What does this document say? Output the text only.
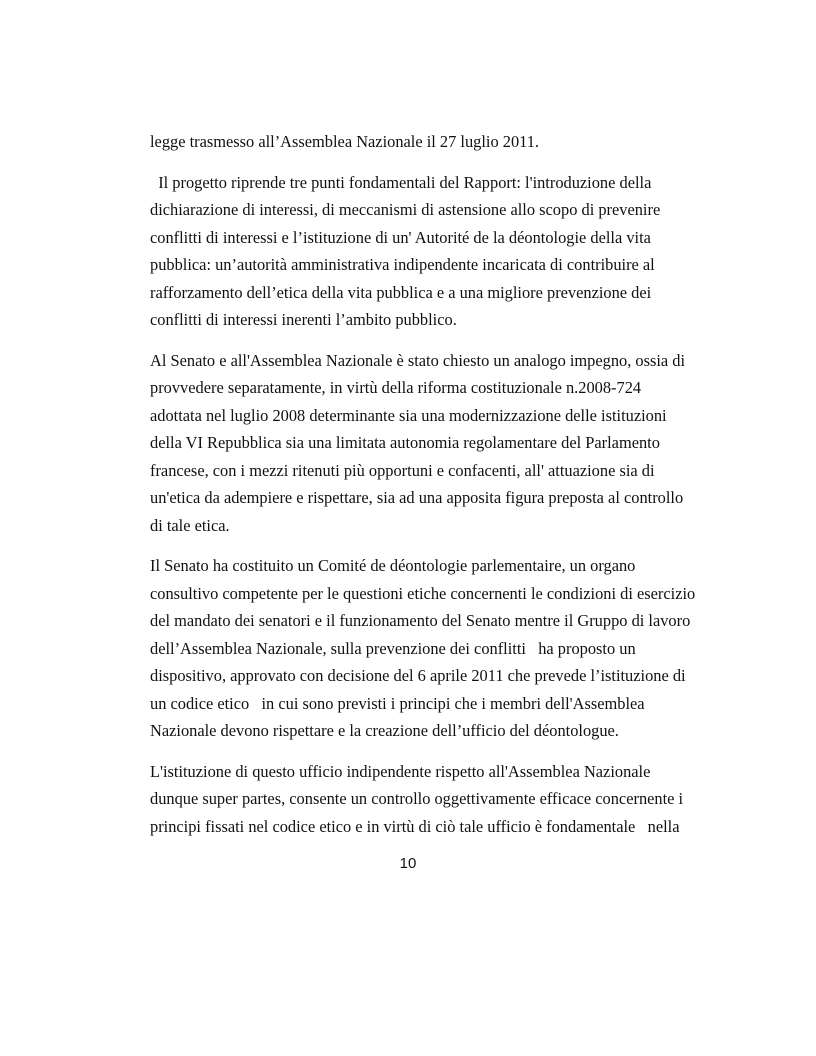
legge trasmesso all’Assemblea Nazionale il 27 luglio 2011.
Il progetto riprende tre punti fondamentali del Rapport: l'introduzione della
dichiarazione di interessi, di meccanismi di astensione allo scopo di prevenire
conflitti di interessi e l’istituzione di un' Autorité de la déontologie della vita
pubblica: un’autorità amministrativa indipendente incaricata di contribuire al
rafforzamento dell’etica della vita pubblica e a una migliore prevenzione dei
conflitti di interessi inerenti l’ambito pubblico.
Al Senato e all'Assemblea Nazionale è stato chiesto un analogo impegno, ossia di
provvedere separatamente, in virtù della riforma costituzionale n.2008-724
adottata nel luglio 2008 determinante sia una modernizzazione delle istituzioni
della VI Repubblica sia una limitata autonomia regolamentare del Parlamento
francese, con i mezzi ritenuti più opportuni e confacenti, all' attuazione sia di
un'etica da adempiere e rispettare, sia ad una apposita figura preposta al controllo
di tale etica.
Il Senato ha costituito un Comité de déontologie parlementaire, un organo
consultivo competente per le questioni etiche concernenti le condizioni di esercizio
del mandato dei senatori e il funzionamento del Senato mentre il Gruppo di lavoro
dell’Assemblea Nazionale, sulla prevenzione dei conflitti   ha proposto un
dispositivo, approvato con decisione del 6 aprile 2011 che prevede l’istituzione di
un codice etico   in cui sono previsti i principi che i membri dell'Assemblea
Nazionale devono rispettare e la creazione dell’ufficio del déontologue.
L'istituzione di questo ufficio indipendente rispetto all'Assemblea Nazionale
dunque super partes, consente un controllo oggettivamente efficace concernente i
principi fissati nel codice etico e in virtù di ciò tale ufficio è fondamentale   nella
10
